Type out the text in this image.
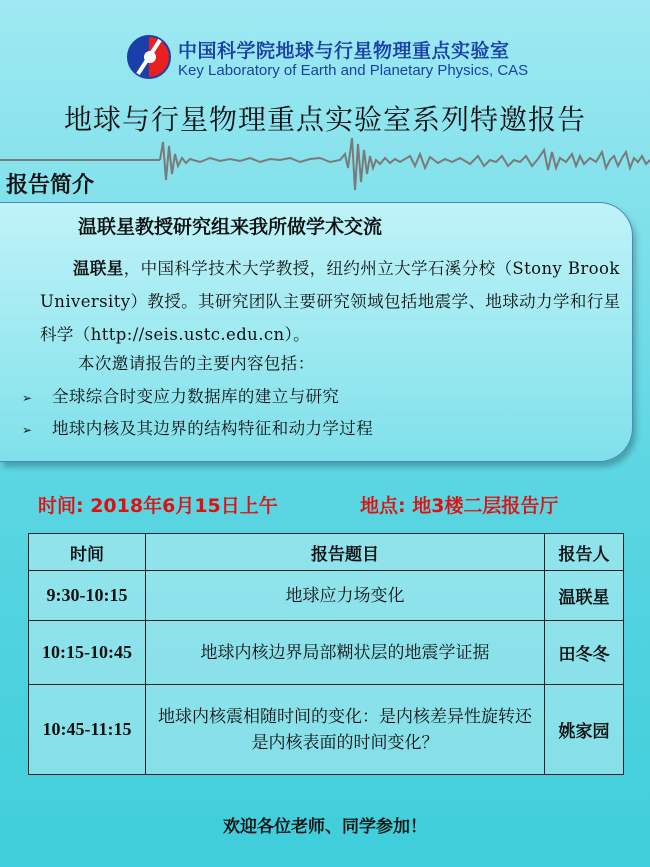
中国科学院地球与行星物理重点实验室
Key Laboratory of Earth and Planetary Physics, CAS
地球与行星物理重点实验室系列特邀报告
报告简介
温联星教授研究组来我所做学术交流
温联星，中国科学技术大学教授，纽约州立大学石溪分校（Stony Brook University）教授。其研究团队主要研究领域包括地震学、地球动力学和行星科学（http://seis.ustc.edu.cn）。
本次邀请报告的主要内容包括：
➢ 全球综合时变应力数据库的建立与研究
➢ 地球内核及其边界的结构特征和动力学过程
时间: 2018年6月15日上午	地点: 地3楼二层报告厅
时间	报告题目	报告人
9:30-10:15	地球应力场变化	温联星
10:15-10:45	地球内核边界局部糊状层的地震学证据	田冬冬
10:45-11:15	地球内核震相随时间的变化：是内核差异性旋转还是内核表面的时间变化？	姚家园
欢迎各位老师、同学参加！
